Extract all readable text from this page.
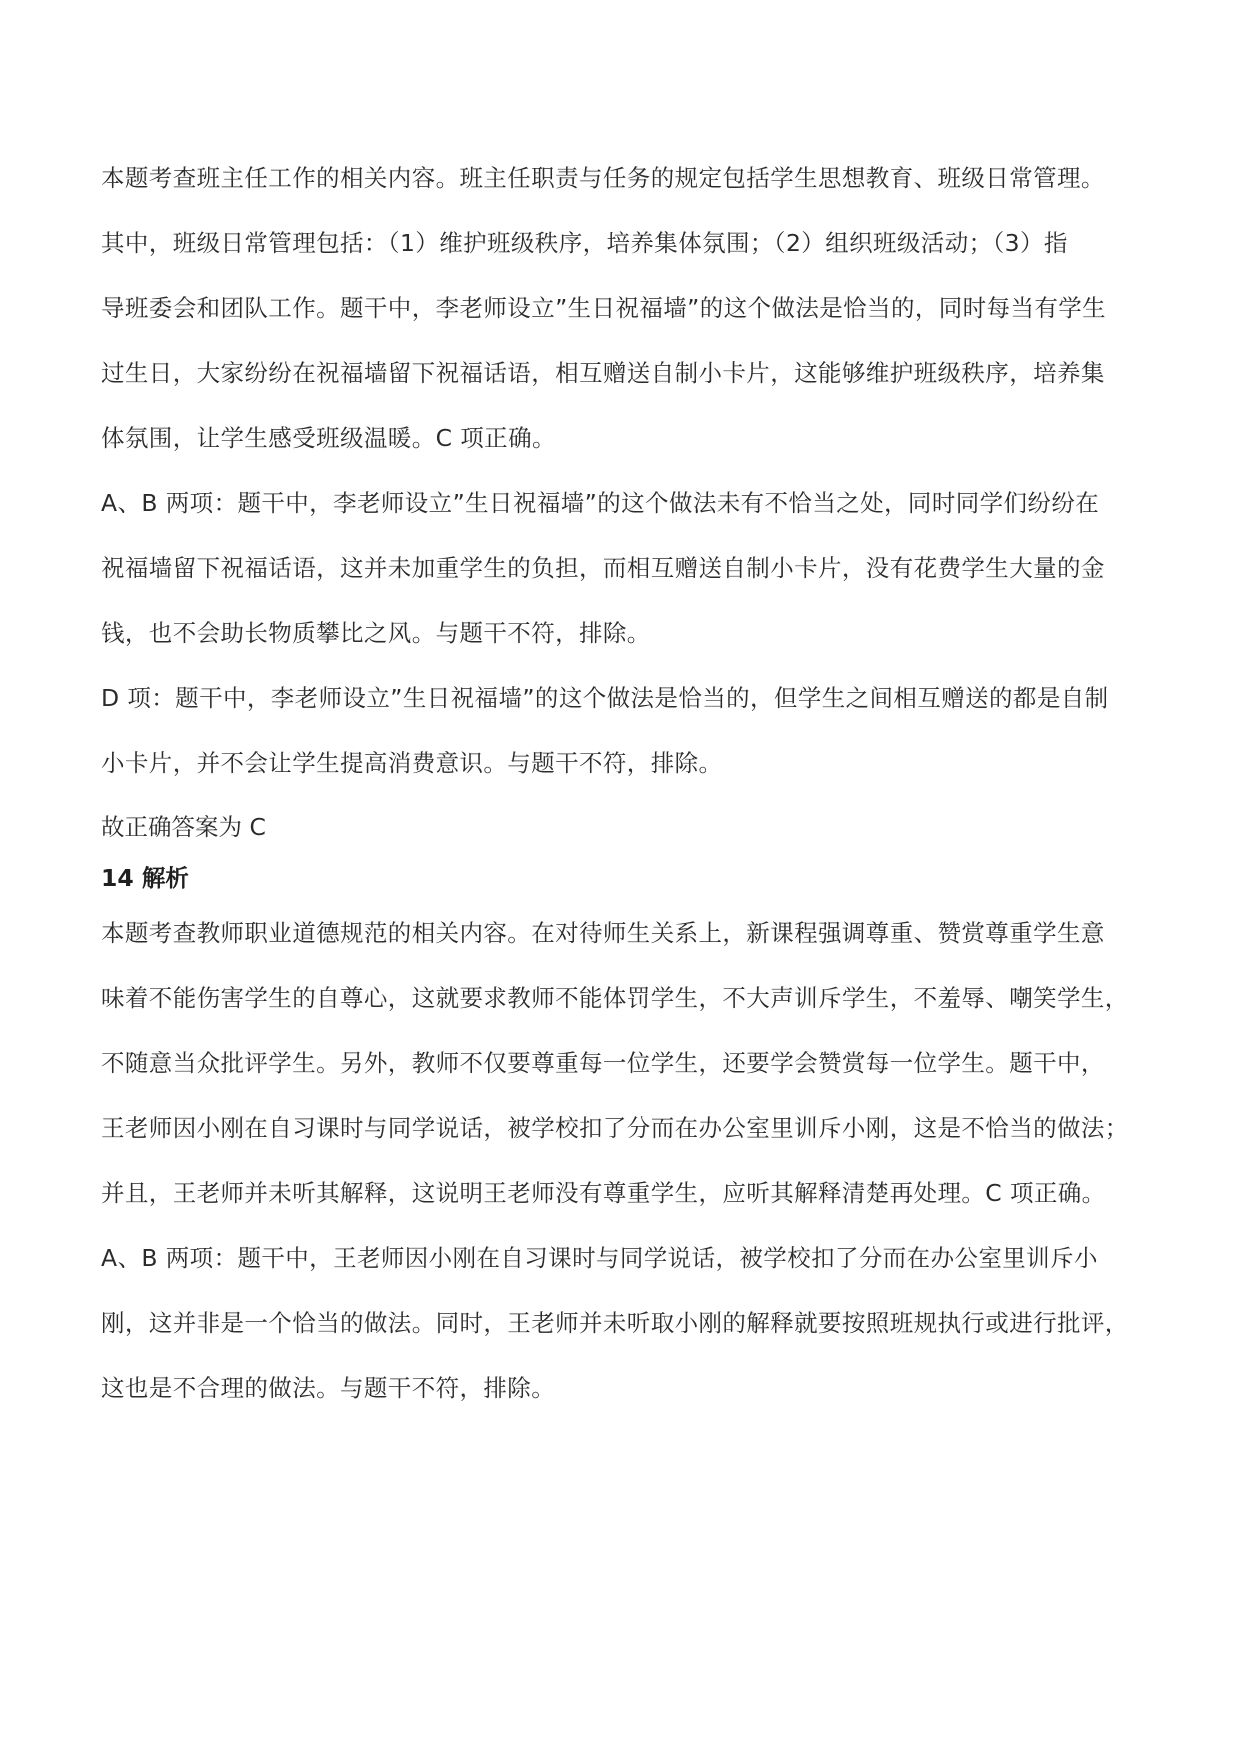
本题考查班主任工作的相关内容。班主任职责与任务的规定包括学生思想教育、班级日常管理。
其中，班级日常管理包括：（1）维护班级秩序，培养集体氛围；（2）组织班级活动；（3）指
导班委会和团队工作。题干中，李老师设立”生日祝福墙”的这个做法是恰当的，同时每当有学生
过生日，大家纷纷在祝福墙留下祝福话语，相互赠送自制小卡片，这能够维护班级秩序，培养集
体氛围，让学生感受班级温暖。C 项正确。
A、B 两项：题干中，李老师设立”生日祝福墙”的这个做法未有不恰当之处，同时同学们纷纷在
祝福墙留下祝福话语，这并未加重学生的负担，而相互赠送自制小卡片，没有花费学生大量的金
钱，也不会助长物质攀比之风。与题干不符，排除。
D 项：题干中，李老师设立”生日祝福墙”的这个做法是恰当的，但学生之间相互赠送的都是自制
小卡片，并不会让学生提高消费意识。与题干不符，排除。
故正确答案为 C
14 解析
本题考查教师职业道德规范的相关内容。在对待师生关系上，新课程强调尊重、赞赏尊重学生意
味着不能伤害学生的自尊心，这就要求教师不能体罚学生，不大声训斥学生，不羞辱、嘲笑学生，
不随意当众批评学生。另外，教师不仅要尊重每一位学生，还要学会赞赏每一位学生。题干中，
王老师因小刚在自习课时与同学说话，被学校扣了分而在办公室里训斥小刚，这是不恰当的做法；
并且，王老师并未听其解释，这说明王老师没有尊重学生，应听其解释清楚再处理。C 项正确。
A、B 两项：题干中，王老师因小刚在自习课时与同学说话，被学校扣了分而在办公室里训斥小
刚，这并非是一个恰当的做法。同时，王老师并未听取小刚的解释就要按照班规执行或进行批评，
这也是不合理的做法。与题干不符，排除。
